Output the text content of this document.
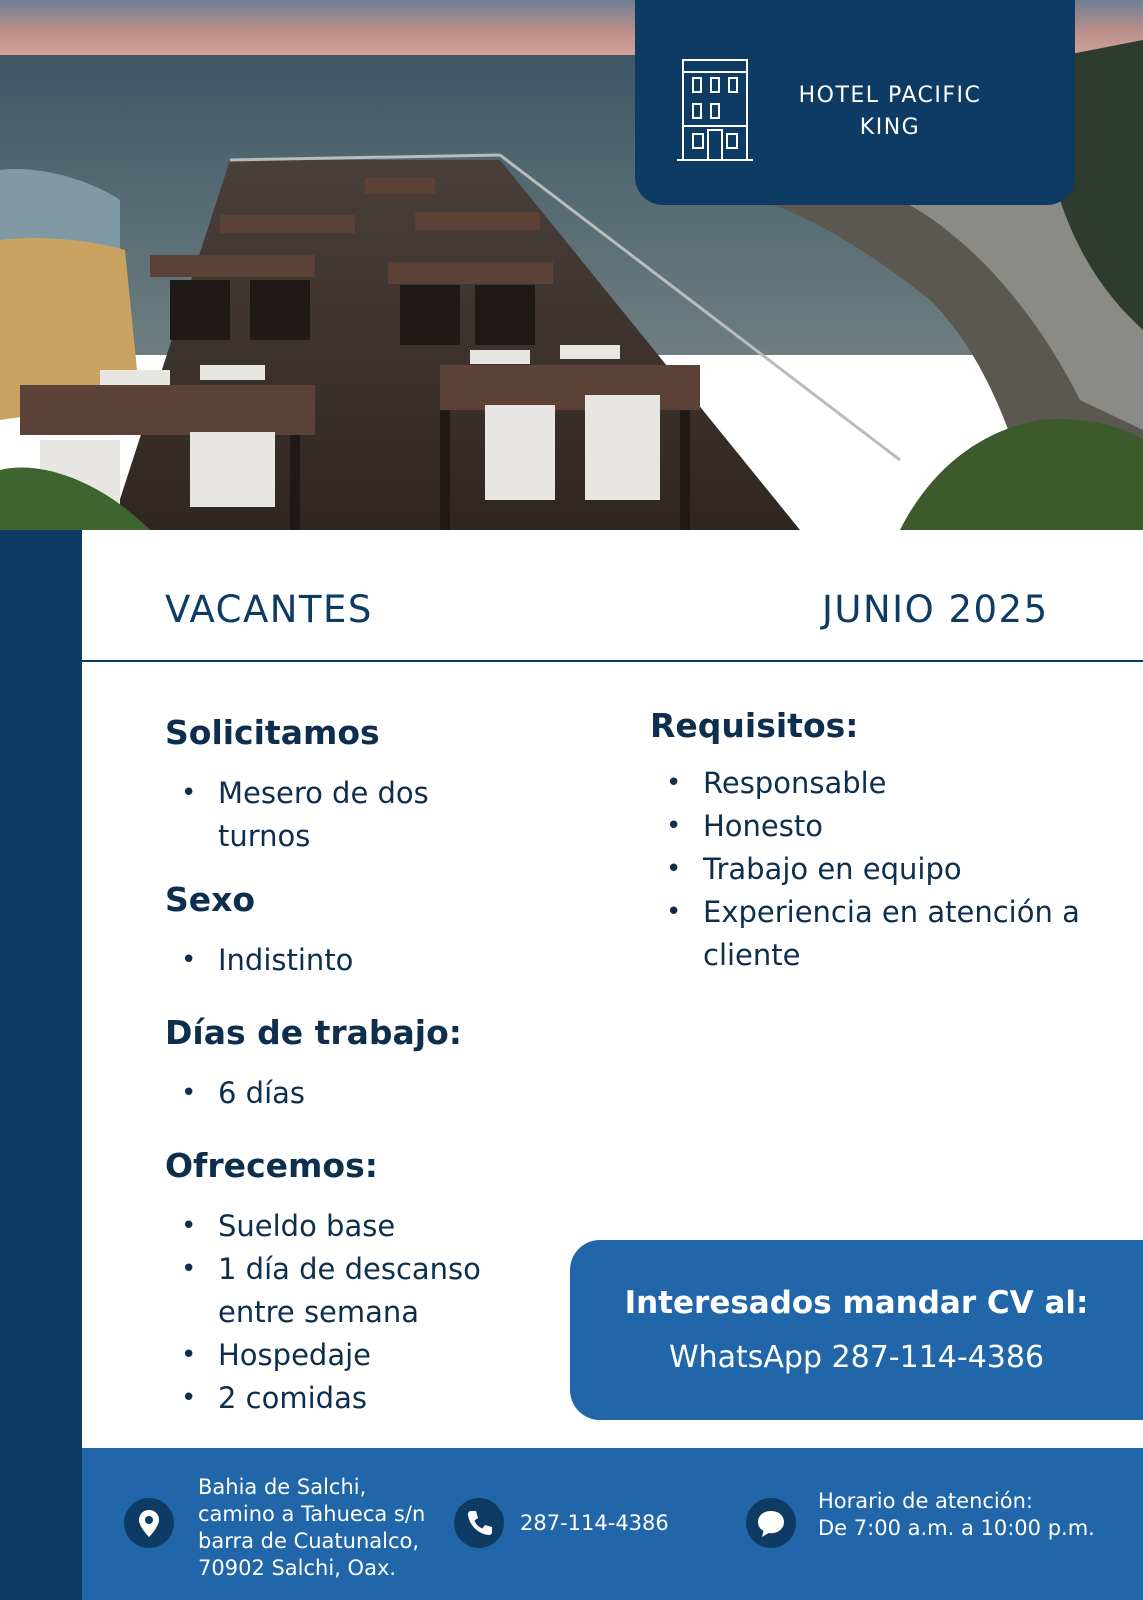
HOTEL PACIFIC
KING
VACANTES	JUNIO 2025
Solicitamos
• Mesero de dos
turnos
Sexo
• Indistinto
Días de trabajo:
• 6 días
Ofrecemos:
• Sueldo base
• 1 día de descanso
entre semana
• Hospedaje
• 2 comidas
Requisitos:
• Responsable
• Honesto
• Trabajo en equipo
• Experiencia en atención a
cliente
Interesados mandar CV al:
WhatsApp 287-114-4386
Bahia de Salchi,
camino a Tahueca s/n
barra de Cuatunalco,
70902 Salchi, Oax.
287-114-4386
Horario de atención:
De 7:00 a.m. a 10:00 p.m.
